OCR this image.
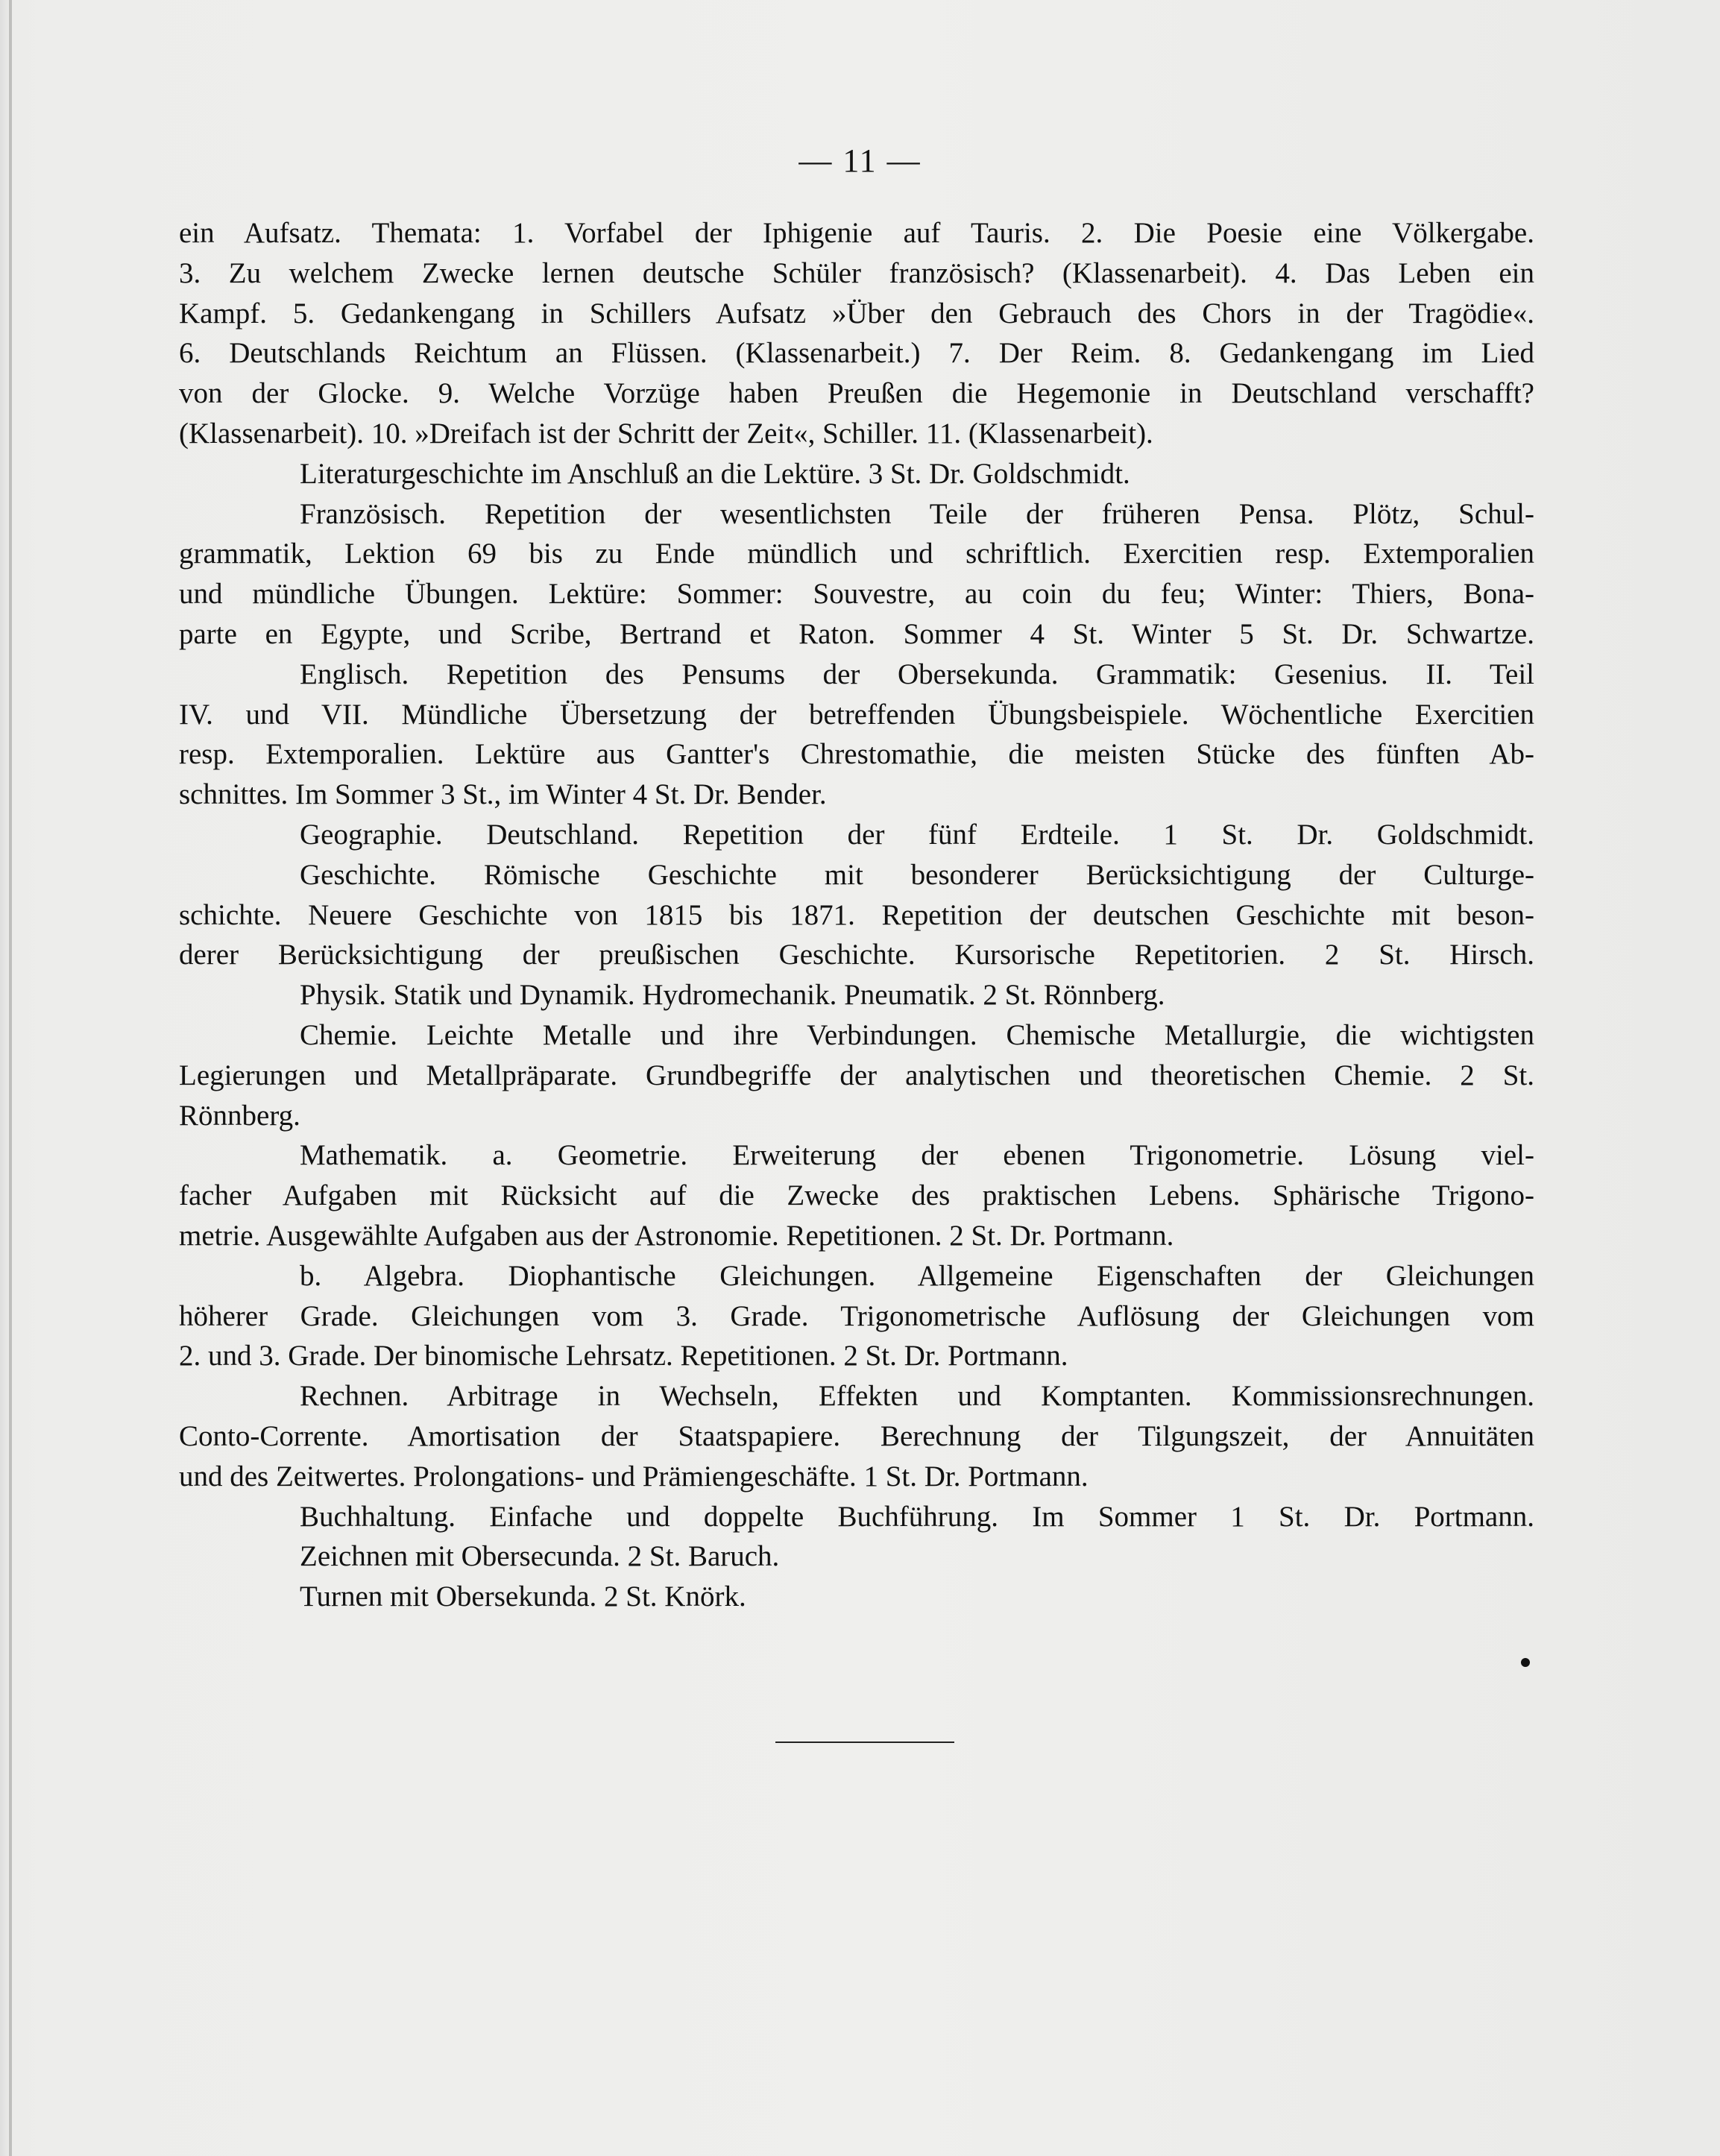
— 11 —
ein Aufsatz. Themata: 1. Vorfabel der Iphigenie auf Tauris. 2. Die Poesie eine Völkergabe.
3. Zu welchem Zwecke lernen deutsche Schüler französisch? (Klassenarbeit). 4. Das Leben ein
Kampf. 5. Gedankengang in Schillers Aufsatz »Über den Gebrauch des Chors in der Tragödie«.
6. Deutschlands Reichtum an Flüssen. (Klassenarbeit.) 7. Der Reim. 8. Gedankengang im Lied
von der Glocke. 9. Welche Vorzüge haben Preußen die Hegemonie in Deutschland verschafft?
(Klassenarbeit). 10. »Dreifach ist der Schritt der Zeit«, Schiller. 11. (Klassenarbeit).
Literaturgeschichte im Anschluß an die Lektüre. 3 St. Dr. Goldschmidt.
Französisch. Repetition der wesentlichsten Teile der früheren Pensa. Plötz, Schul-
grammatik, Lektion 69 bis zu Ende mündlich und schriftlich. Exercitien resp. Extemporalien
und mündliche Übungen. Lektüre: Sommer: Souvestre, au coin du feu; Winter: Thiers, Bona-
parte en Egypte, und Scribe, Bertrand et Raton. Sommer 4 St. Winter 5 St. Dr. Schwartze.
Englisch. Repetition des Pensums der Obersekunda. Grammatik: Gesenius. II. Teil
IV. und VII. Mündliche Übersetzung der betreffenden Übungsbeispiele. Wöchentliche Exercitien
resp. Extemporalien. Lektüre aus Gantter's Chrestomathie, die meisten Stücke des fünften Ab-
schnittes. Im Sommer 3 St., im Winter 4 St. Dr. Bender.
Geographie. Deutschland. Repetition der fünf Erdteile. 1 St. Dr. Goldschmidt.
Geschichte. Römische Geschichte mit besonderer Berücksichtigung der Culturge-
schichte. Neuere Geschichte von 1815 bis 1871. Repetition der deutschen Geschichte mit beson-
derer Berücksichtigung der preußischen Geschichte. Kursorische Repetitorien. 2 St. Hirsch.
Physik. Statik und Dynamik. Hydromechanik. Pneumatik. 2 St. Rönnberg.
Chemie. Leichte Metalle und ihre Verbindungen. Chemische Metallurgie, die wichtigsten
Legierungen und Metallpräparate. Grundbegriffe der analytischen und theoretischen Chemie. 2 St.
Rönnberg.
Mathematik. a. Geometrie. Erweiterung der ebenen Trigonometrie. Lösung viel-
facher Aufgaben mit Rücksicht auf die Zwecke des praktischen Lebens. Sphärische Trigono-
metrie. Ausgewählte Aufgaben aus der Astronomie. Repetitionen. 2 St. Dr. Portmann.
b. Algebra. Diophantische Gleichungen. Allgemeine Eigenschaften der Gleichungen
höherer Grade. Gleichungen vom 3. Grade. Trigonometrische Auflösung der Gleichungen vom
2. und 3. Grade. Der binomische Lehrsatz. Repetitionen. 2 St. Dr. Portmann.
Rechnen. Arbitrage in Wechseln, Effekten und Komptanten. Kommissionsrechnungen.
Conto-Corrente. Amortisation der Staatspapiere. Berechnung der Tilgungszeit, der Annuitäten
und des Zeitwertes. Prolongations- und Prämiengeschäfte. 1 St. Dr. Portmann.
Buchhaltung. Einfache und doppelte Buchführung. Im Sommer 1 St. Dr. Portmann.
Zeichnen mit Obersecunda. 2 St. Baruch.
Turnen mit Obersekunda. 2 St. Knörk.
